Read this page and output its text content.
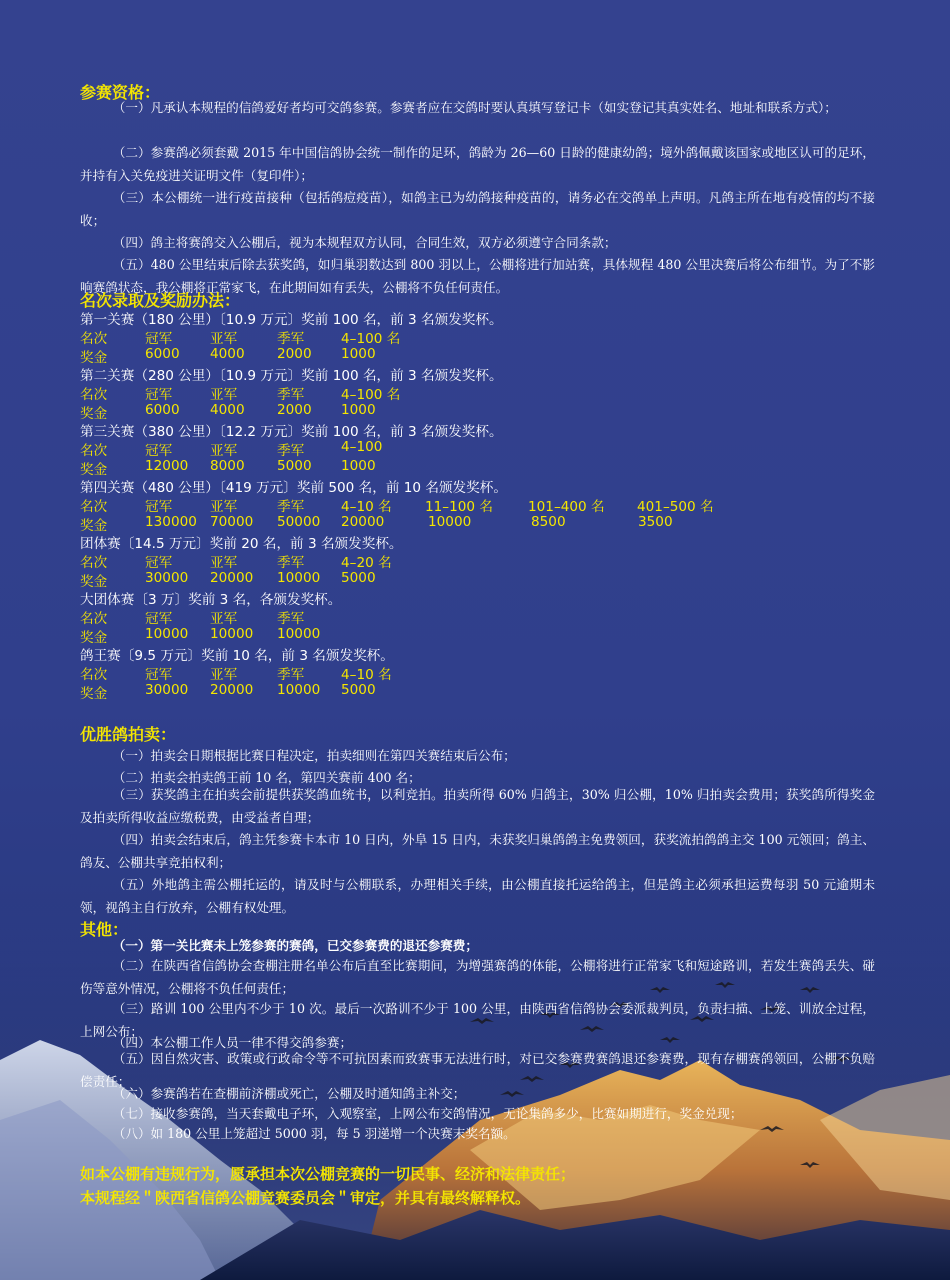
参赛资格：
（一）凡承认本规程的信鸽爱好者均可交鸽参赛。参赛者应在交鸽时要认真填写登记卡（如实登记其真实姓名、地址和联系方式）；
（二）参赛鸽必须套戴 2015 年中国信鸽协会统一制作的足环，鸽龄为 26—60 日龄的健康幼鸽；境外鸽佩戴该国家或地区认可的足环，并持有入关免疫进关证明文件（复印件）；
（三）本公棚统一进行疫苗接种（包括鸽痘疫苗），如鸽主已为幼鸽接种疫苗的，请务必在交鸽单上声明。凡鸽主所在地有疫情的均不接收；
（四）鸽主将赛鸽交入公棚后，视为本规程双方认同，合同生效，双方必须遵守合同条款；
（五）480 公里结束后除去获奖鸽，如归巢羽数达到 800 羽以上，公棚将进行加站赛，具体规程 480 公里决赛后将公布细节。为了不影响赛鸽状态，我公棚将正常家飞，在此期间如有丢失，公棚将不负任何责任。
名次录取及奖励办法：
第一关赛（180 公里）〔10.9 万元〕奖前 100 名，前 3 名颁发奖杯。
名次	冠军	亚军	季军	4–100 名
奖金	6000 4000 2000 1000
第二关赛（280 公里）〔10.9 万元〕奖前 100 名，前 3 名颁发奖杯。
名次	冠军	亚军	季军	4–100 名
奖金	6000 4000 2000 1000
第三关赛（380 公里）〔12.2 万元〕奖前 100 名，前 3 名颁发奖杯。
名次	冠军	亚军	季军	4–100
奖金	12000 8000 5000 1000
第四关赛（480 公里）〔419 万元〕奖前 500 名，前 10 名颁发奖杯。
名次	冠军	亚军	季军	4–10 名 11–100 名	101–400 名 401–500 名
奖金	130000 70000 50000 20000	10000	8500	3500
团体赛〔14.5 万元〕奖前 20 名，前 3 名颁发奖杯。
名次	冠军	亚军	季军	4–20 名
奖金	30000 20000 10000 5000
大团体赛〔3 万〕奖前 3 名，各颁发奖杯。
名次	冠军	亚军	季军
奖金	10000 10000 10000
鸽王赛〔9.5 万元〕奖前 10 名，前 3 名颁发奖杯。
名次	冠军	亚军	季军	4–10 名
奖金	30000 20000 10000 5000
优胜鸽拍卖：
（一）拍卖会日期根据比赛日程决定，拍卖细则在第四关赛结束后公布；
（二）拍卖会拍卖鸽王前 10 名，第四关赛前 400 名；
（三）获奖鸽主在拍卖会前提供获奖鸽血统书，以利竞拍。拍卖所得 60% 归鸽主，30% 归公棚，10% 归拍卖会费用；获奖鸽所得奖金及拍卖所得收益应缴税费，由受益者自理；
（四）拍卖会结束后，鸽主凭参赛卡本市 10 日内，外阜 15 日内，未获奖归巢鸽鸽主免费领回，获奖流拍鸽鸽主交 100 元领回；鸽主、鸽友、公棚共享竞拍权利；
（五）外地鸽主需公棚托运的，请及时与公棚联系，办理相关手续，由公棚直接托运给鸽主，但是鸽主必须承担运费每羽 50 元逾期未领，视鸽主自行放弃，公棚有权处理。
其他：
（一）第一关比赛未上笼参赛的赛鸽，已交参赛费的退还参赛费；
（二）在陕西省信鸽协会查棚注册名单公布后直至比赛期间，为增强赛鸽的体能，公棚将进行正常家飞和短途路训，若发生赛鸽丢失、碰伤等意外情况，公棚将不负任何责任；
（三）路训 100 公里内不少于 10 次。最后一次路训不少于 100 公里，由陕西省信鸽协会委派裁判员，负责扫描、上笼、训放全过程，上网公布；
（四）本公棚工作人员一律不得交鸽参赛；
（五）因自然灾害、政策或行政命令等不可抗因素而致赛事无法进行时，对已交参赛费赛鸽退还参赛费，现有存棚赛鸽领回，公棚不负赔偿责任；
（六）参赛鸽若在查棚前济棚或死亡，公棚及时通知鸽主补交；
（七）接收参赛鸽，当天套戴电子环，入观察室，上网公布交鸽情况，无论集鸽多少，比赛如期进行，奖金兑现；
（八）如 180 公里上笼超过 5000 羽，每 5 羽递增一个决赛末奖名额。
如本公棚有违规行为，愿承担本次公棚竞赛的一切民事、经济和法律责任；
本规程经＂陕西省信鸽公棚竞赛委员会＂审定，并具有最终解释权。
